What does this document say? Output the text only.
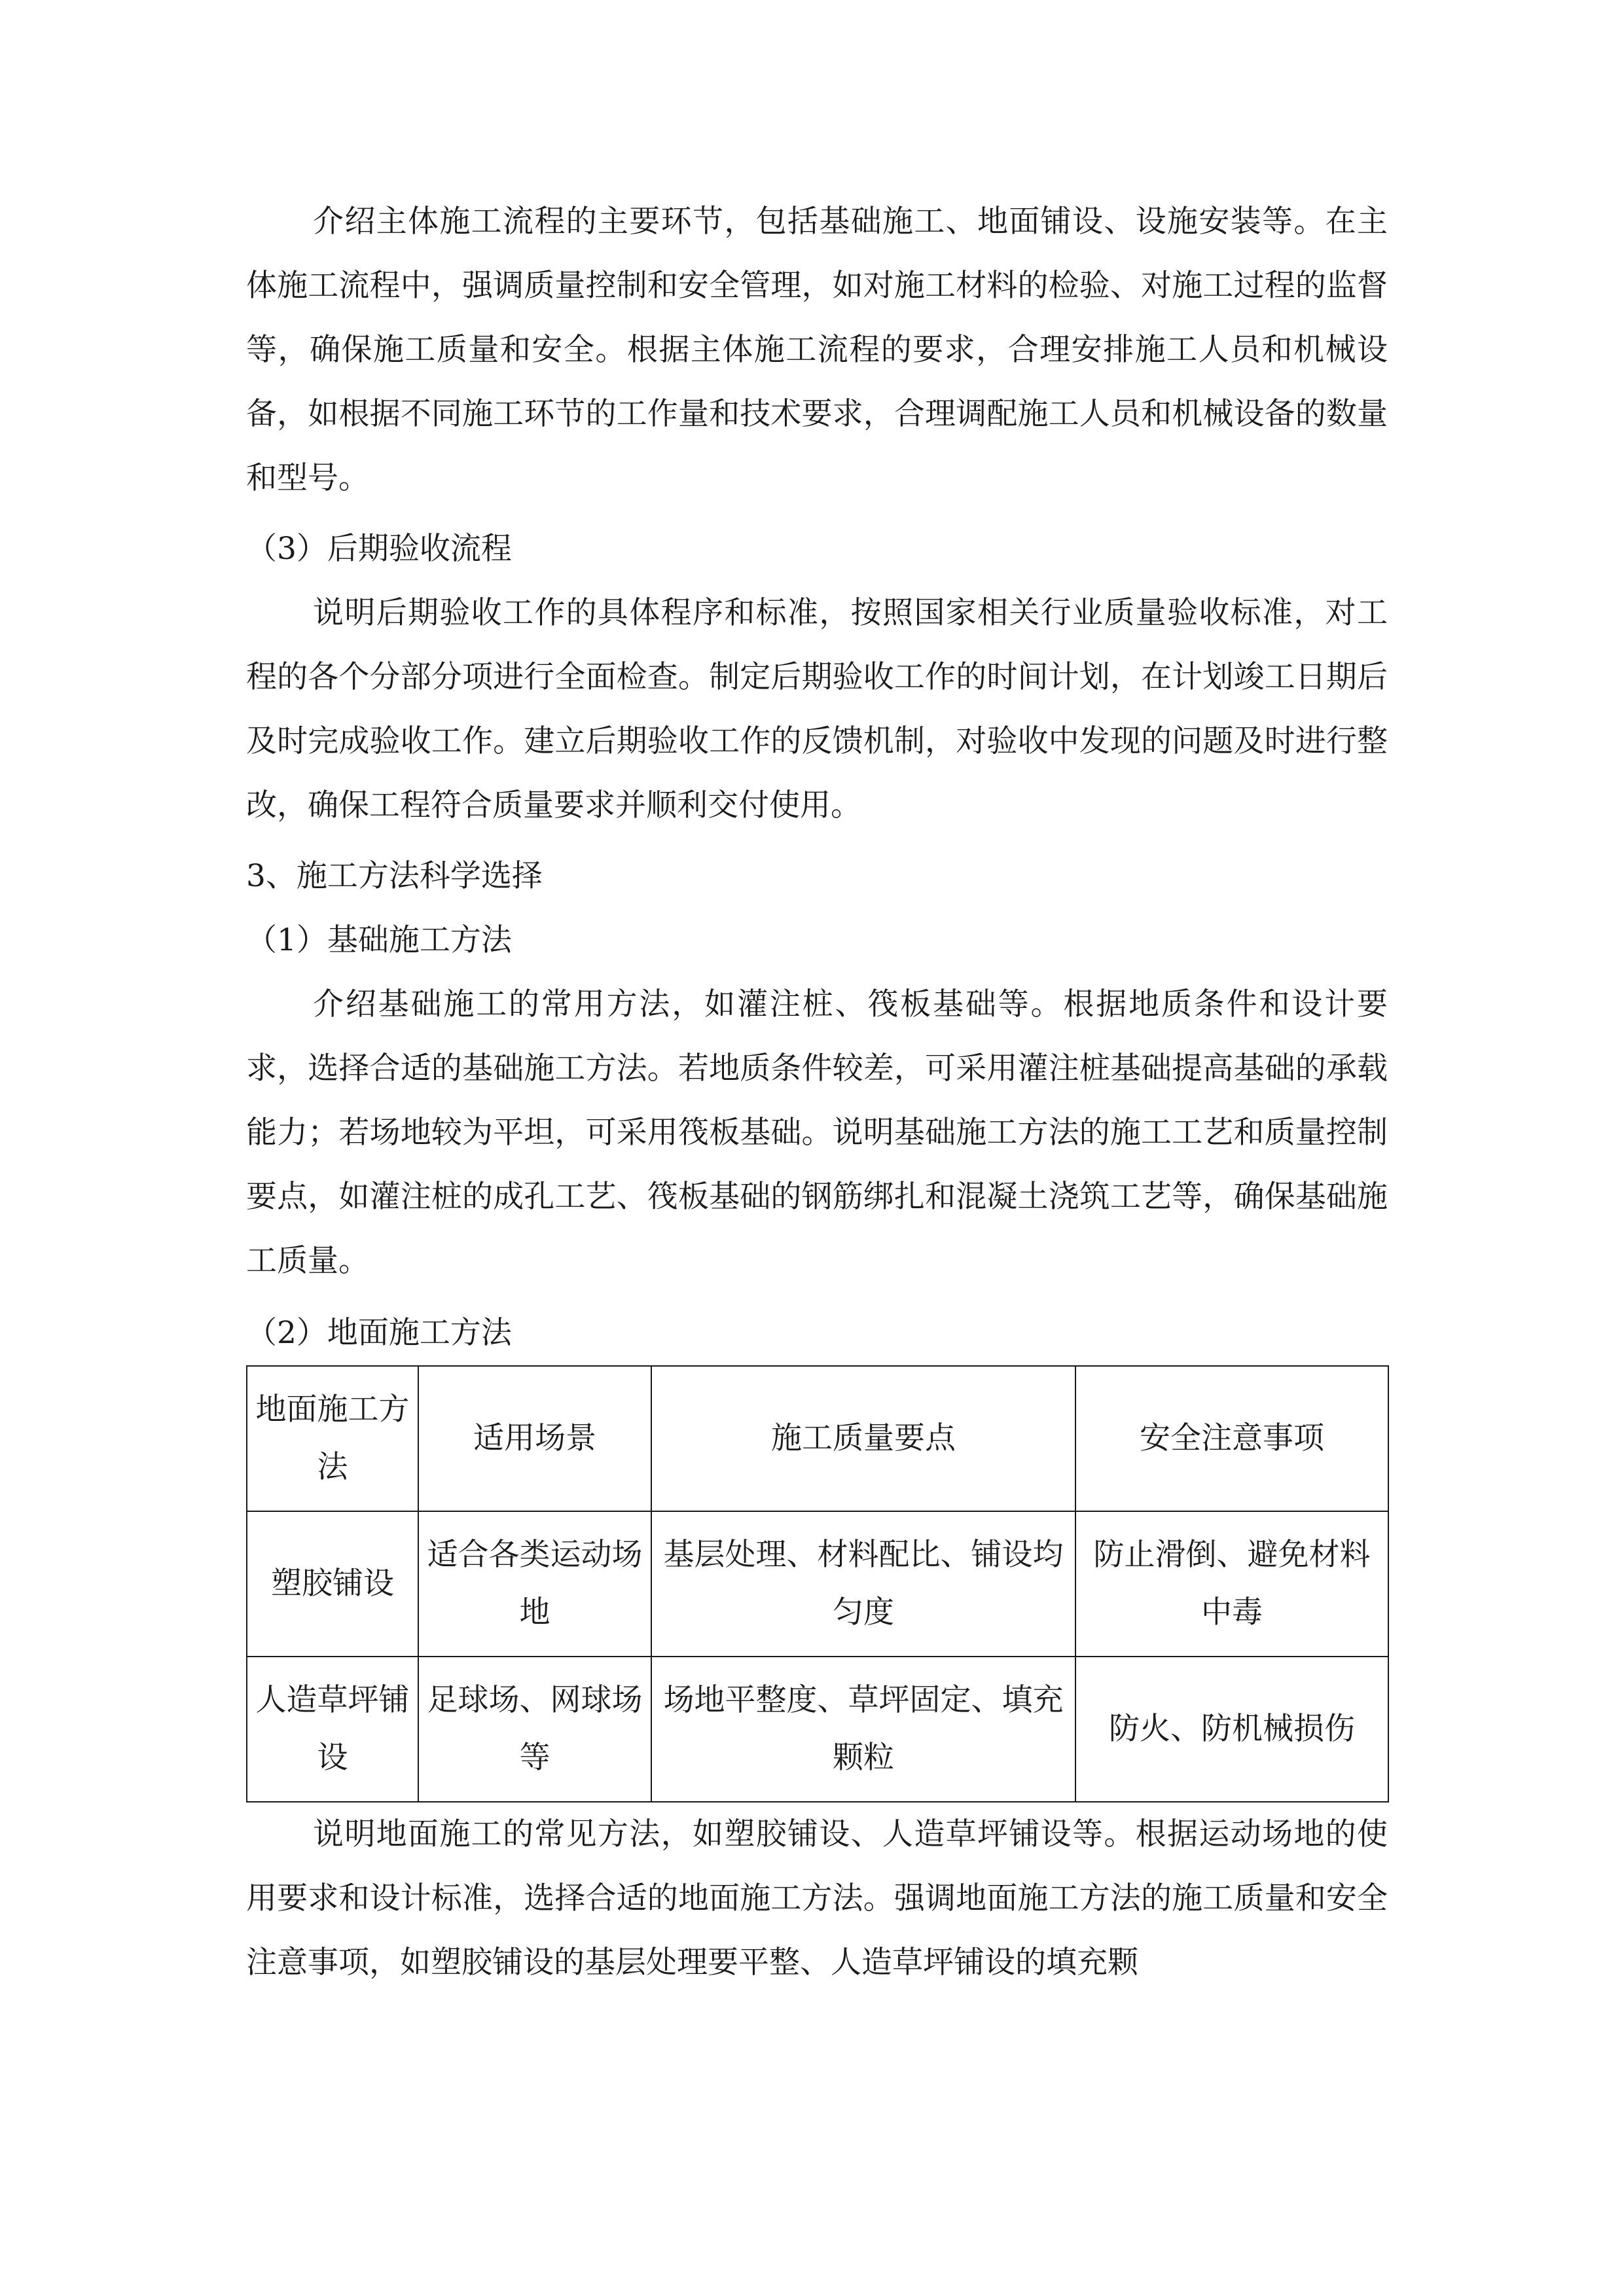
介绍主体施工流程的主要环节，包括基础施工、地面铺设、设施安装等。在主体施工流程中，强调质量控制和安全管理，如对施工材料的检验、对施工过程的监督等，确保施工质量和安全。根据主体施工流程的要求，合理安排施工人员和机械设备，如根据不同施工环节的工作量和技术要求，合理调配施工人员和机械设备的数量和型号。

（3）后期验收流程

说明后期验收工作的具体程序和标准，按照国家相关行业质量验收标准，对工程的各个分部分项进行全面检查。制定后期验收工作的时间计划，在计划竣工日期后及时完成验收工作。建立后期验收工作的反馈机制，对验收中发现的问题及时进行整改，确保工程符合质量要求并顺利交付使用。

3、施工方法科学选择

（1）基础施工方法

介绍基础施工的常用方法，如灌注桩、筏板基础等。根据地质条件和设计要求，选择合适的基础施工方法。若地质条件较差，可采用灌注桩基础提高基础的承载能力；若场地较为平坦，可采用筏板基础。说明基础施工方法的施工工艺和质量控制要点，如灌注桩的成孔工艺、筏板基础的钢筋绑扎和混凝土浇筑工艺等，确保基础施工质量。

（2）地面施工方法

地面施工方法	适用场景	施工质量要点	安全注意事项
塑胶铺设	适合各类运动场地	基层处理、材料配比、铺设均匀度	防止滑倒、避免材料中毒
人造草坪铺设	足球场、网球场等	场地平整度、草坪固定、填充颗粒	防火、防机械损伤

说明地面施工的常见方法，如塑胶铺设、人造草坪铺设等。根据运动场地的使用要求和设计标准，选择合适的地面施工方法。强调地面施工方法的施工质量和安全注意事项，如塑胶铺设的基层处理要平整、人造草坪铺设的填充颗
